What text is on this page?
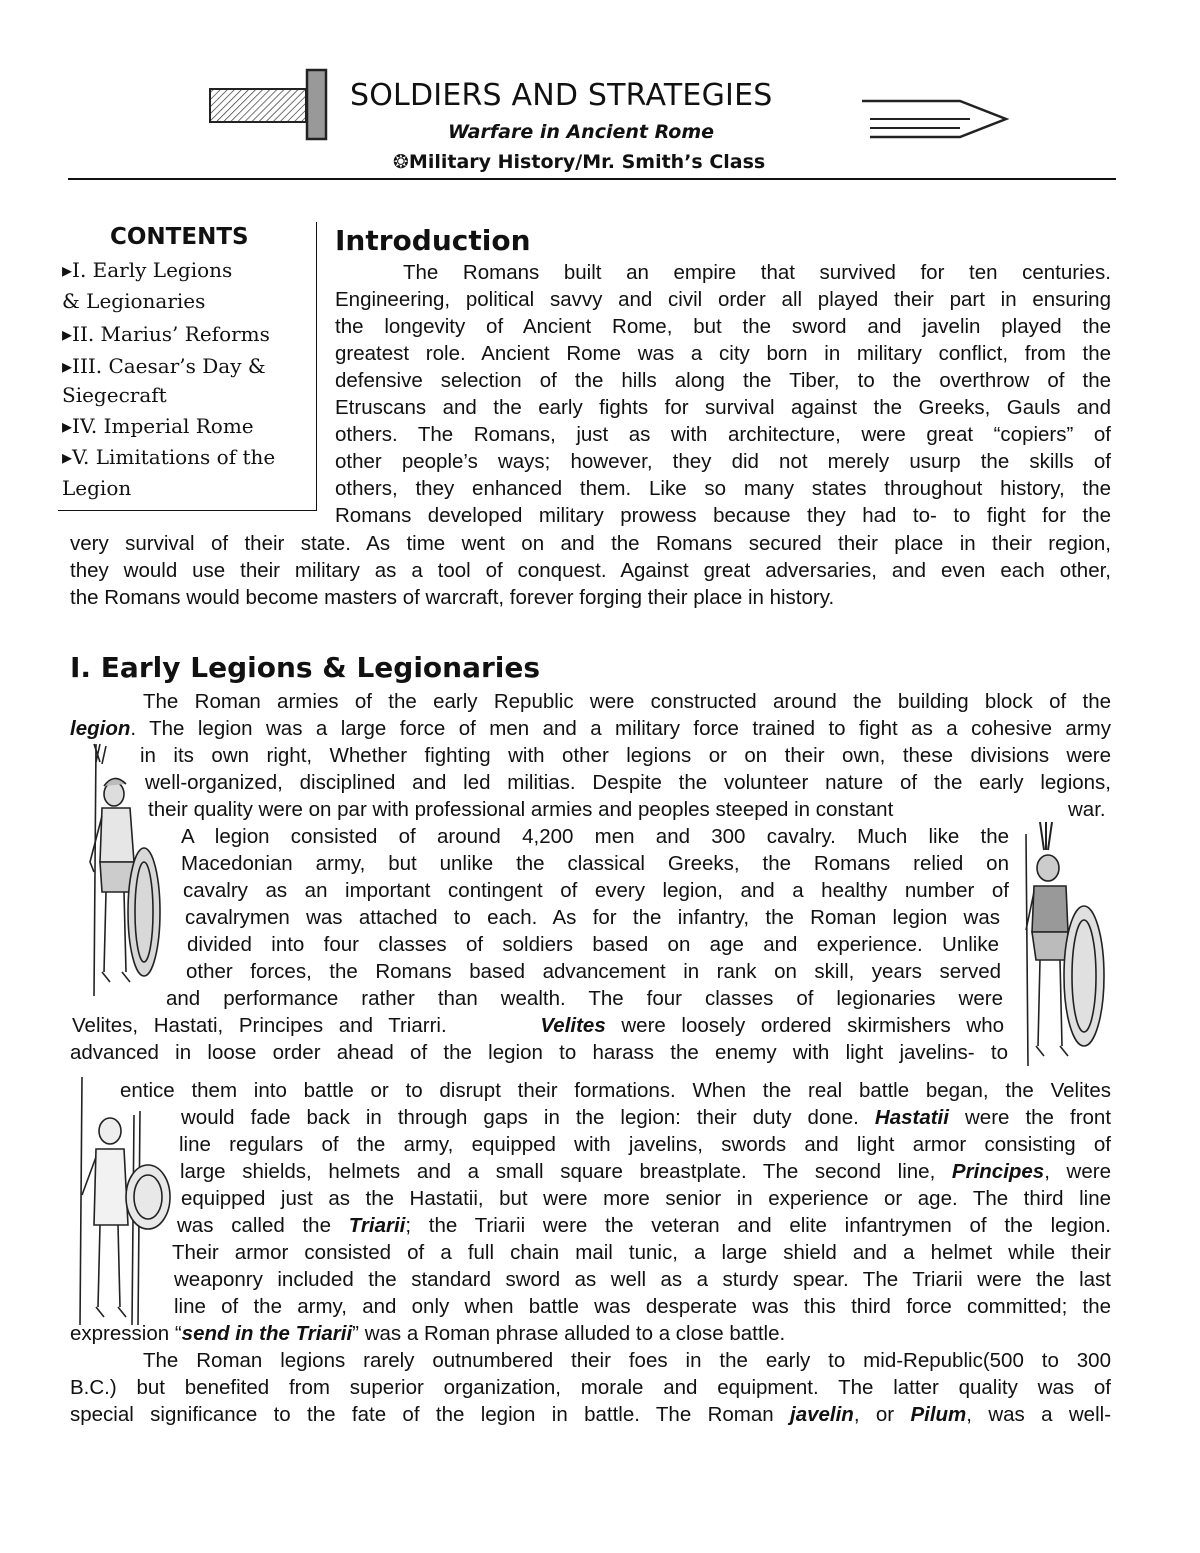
SOLDIERS AND STRATEGIES
Warfare in Ancient Rome
❂Military History/Mr. Smith’s Class
CONTENTS
▸I. Early Legions
& Legionaries
▸II. Marius’ Reforms
▸III. Caesar’s Day &
Siegecraft
▸IV. Imperial Rome
▸V. Limitations of the
Legion
Introduction
The Romans built an empire that survived for ten centuries.
Engineering, political savvy and civil order all played their part in ensuring
the longevity of Ancient Rome, but the sword and javelin played the
greatest role. Ancient Rome was a city born in military conflict, from the
defensive selection of the hills along the Tiber, to the overthrow of the
Etruscans and the early fights for survival against the Greeks, Gauls and
others. The Romans, just as with architecture, were great “copiers” of
other people’s ways; however, they did not merely usurp the skills of
others, they enhanced them. Like so many states throughout history, the
Romans developed military prowess because they had to- to fight for the
very survival of their state. As time went on and the Romans secured their place in their region,
they would use their military as a tool of conquest. Against great adversaries, and even each other,
the Romans would become masters of warcraft, forever forging their place in history.
I. Early Legions & Legionaries
The Roman armies of the early Republic were constructed around the building block of the
legion. The legion was a large force of men and a military force trained to fight as a cohesive army
in its own right, Whether fighting with other legions or on their own, these divisions were
well-organized, disciplined and led militias. Despite the volunteer nature of the early legions,
their quality were on par with professional armies and peoples steeped in constant	war.
A legion consisted of around 4,200 men and 300 cavalry. Much like the
Macedonian army, but unlike the classical Greeks, the Romans relied on
cavalry as an important contingent of every legion, and a healthy number of
cavalrymen was attached to each. As for the infantry, the Roman legion was
divided into four classes of soldiers based on age and experience. Unlike
other forces, the Romans based advancement in rank on skill, years served
and performance rather than wealth. The four classes of legionaries were
Velites, Hastati, Principes and Triarri.	Velites were loosely ordered skirmishers who
advanced in loose order ahead of the legion to harass the enemy with light javelins- to
entice them into battle or to disrupt their formations. When the real battle began, the Velites
would fade back in through gaps in the legion: their duty done. Hastatii were the front
line regulars of the army, equipped with javelins, swords and light armor consisting of
large shields, helmets and a small square breastplate. The second line, Principes, were
equipped just as the Hastatii, but were more senior in experience or age. The third line
was called the Triarii; the Triarii were the veteran and elite infantrymen of the legion.
Their armor consisted of a full chain mail tunic, a large shield and a helmet while their
weaponry included the standard sword as well as a sturdy spear. The Triarii were the last
line of the army, and only when battle was desperate was this third force committed; the
expression “send in the Triarii” was a Roman phrase alluded to a close battle.
The Roman legions rarely outnumbered their foes in the early to mid-Republic(500 to 300
B.C.) but benefited from superior organization, morale and equipment. The latter quality was of
special significance to the fate of the legion in battle. The Roman javelin, or Pilum, was a well-
